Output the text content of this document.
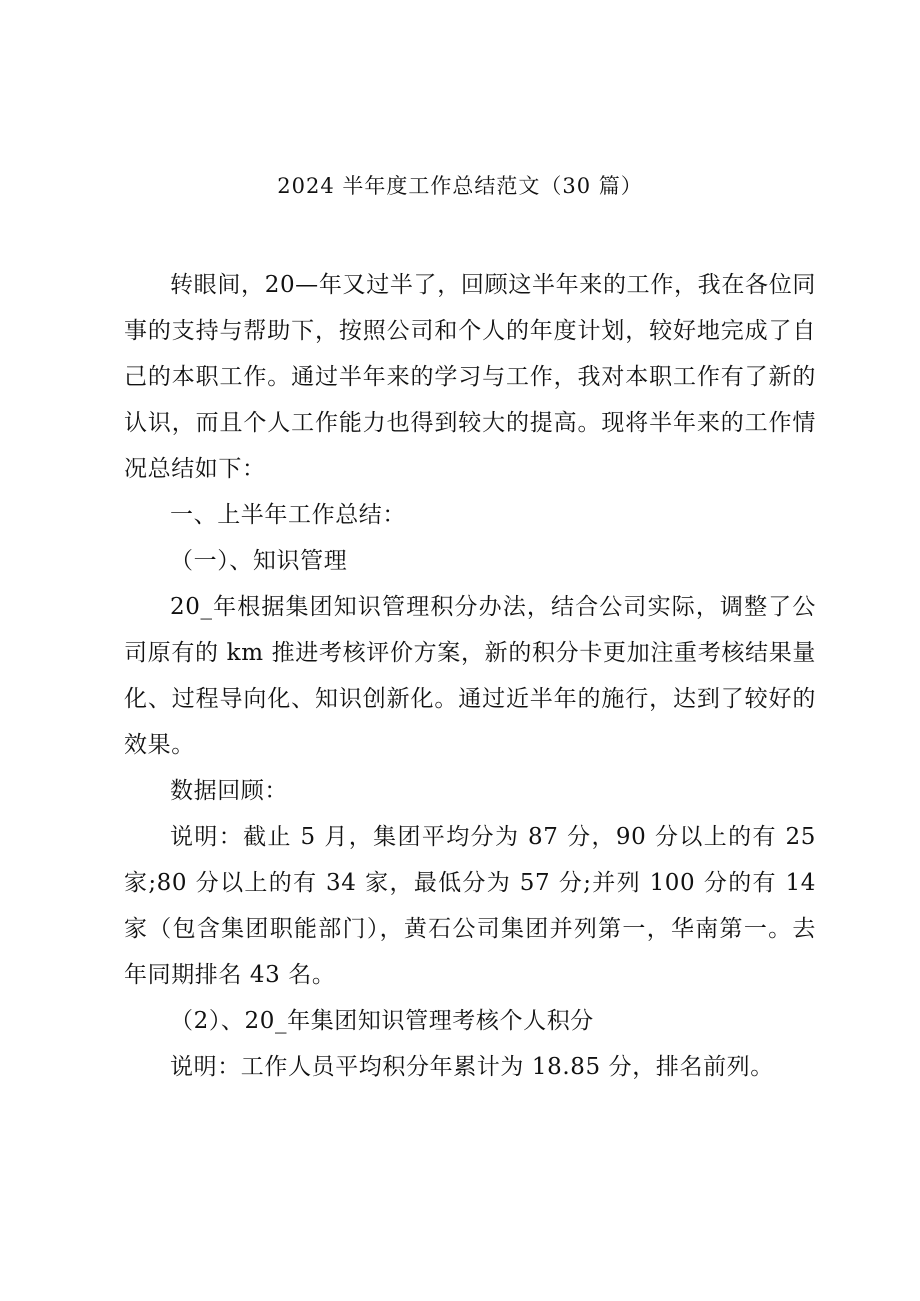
2024 半年度工作总结范文（30 篇）

转眼间，20—年又过半了，回顾这半年来的工作，我在各位同事的支持与帮助下，按照公司和个人的年度计划，较好地完成了自己的本职工作。通过半年来的学习与工作，我对本职工作有了新的认识，而且个人工作能力也得到较大的提高。现将半年来的工作情况总结如下：

一、上半年工作总结：

（一）、知识管理

20_年根据集团知识管理积分办法，结合公司实际，调整了公司原有的 km 推进考核评价方案，新的积分卡更加注重考核结果量化、过程导向化、知识创新化。通过近半年的施行，达到了较好的效果。

数据回顾：

说明：截止 5 月，集团平均分为 87 分，90 分以上的有 25 家;80 分以上的有 34 家，最低分为 57 分;并列 100 分的有 14 家（包含集团职能部门），黄石公司集团并列第一，华南第一。去年同期排名 43 名。

（2）、20_年集团知识管理考核个人积分

说明：工作人员平均积分年累计为 18.85 分，排名前列。
